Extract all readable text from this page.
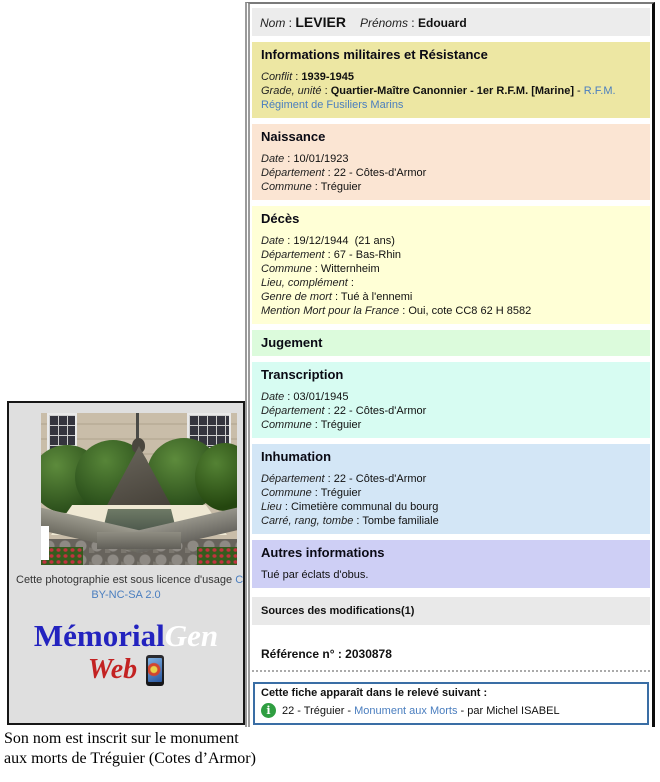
Nom : LEVIER Prénoms : Edouard
Informations militaires et Résistance
Conflit : 1939-1945
Grade, unité : Quartier-Maître Canonnier - 1er R.F.M. [Marine] - R.F.M. Régiment de Fusiliers Marins
Naissance
Date : 10/01/1923
Département : 22 - Côtes-d'Armor
Commune : Tréguier
Décès
Date : 19/12/1944  (21 ans)
Département : 67 - Bas-Rhin
Commune : Witternheim
Lieu, complément :
Genre de mort : Tué à l'ennemi
Mention Mort pour la France : Oui, cote CC8 62 H 8582
Jugement
Transcription
Date : 03/01/1945
Département : 22 - Côtes-d'Armor
Commune : Tréguier
Inhumation
Département : 22 - Côtes-d'Armor
Commune : Tréguier
Lieu : Cimetière communal du bourg
Carré, rang, tombe : Tombe familiale
Autres informations
Tué par éclats d'obus.
Sources des modifications(1)
Référence n° : 2030878
Cette fiche apparaît dans le relevé suivant :
i	22 - Tréguier - Monument aux Morts - par Michel ISABEL
Cette photographie est sous licence d'usage C
BY-NC-SA 2.0
MémorialGen
Web
Son nom est inscrit sur le monument
aux morts de Tréguier (Cotes d’Armor)
